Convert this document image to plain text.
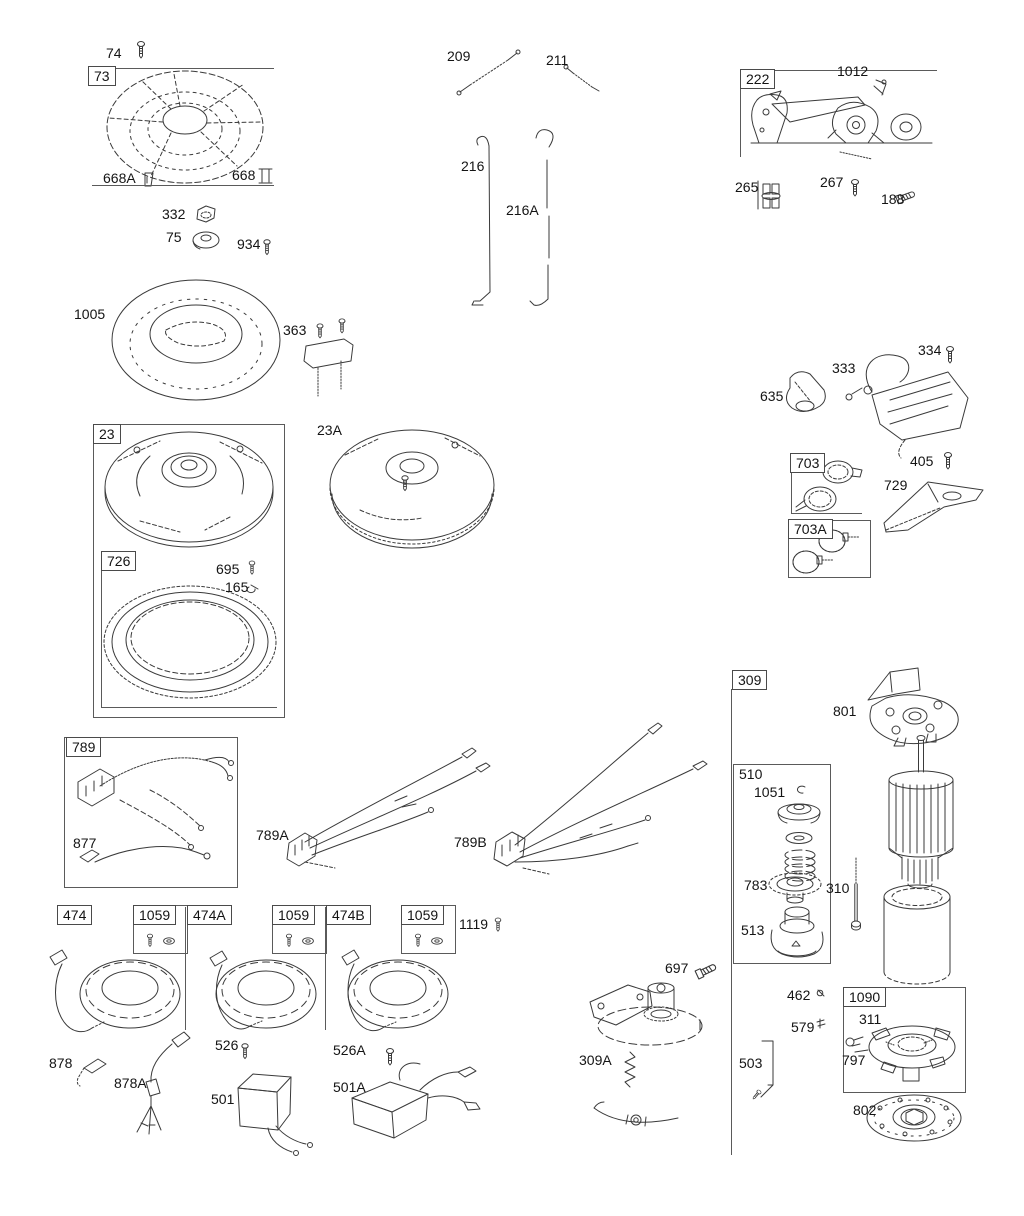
73	222
23
726
703
703A
789
309
1090
474	1059	474A	1059	474B	1059
74
668A	668
332
75	934
1005
363
209	211
216
216A
1012
265	267
188
334
333
635
405
729
23A
695
165
877	789A	789B
801
510
1051
783	310
513
697
309A
462
579
503
311
797
802
1119
878
878A
526
501
526A
501A
